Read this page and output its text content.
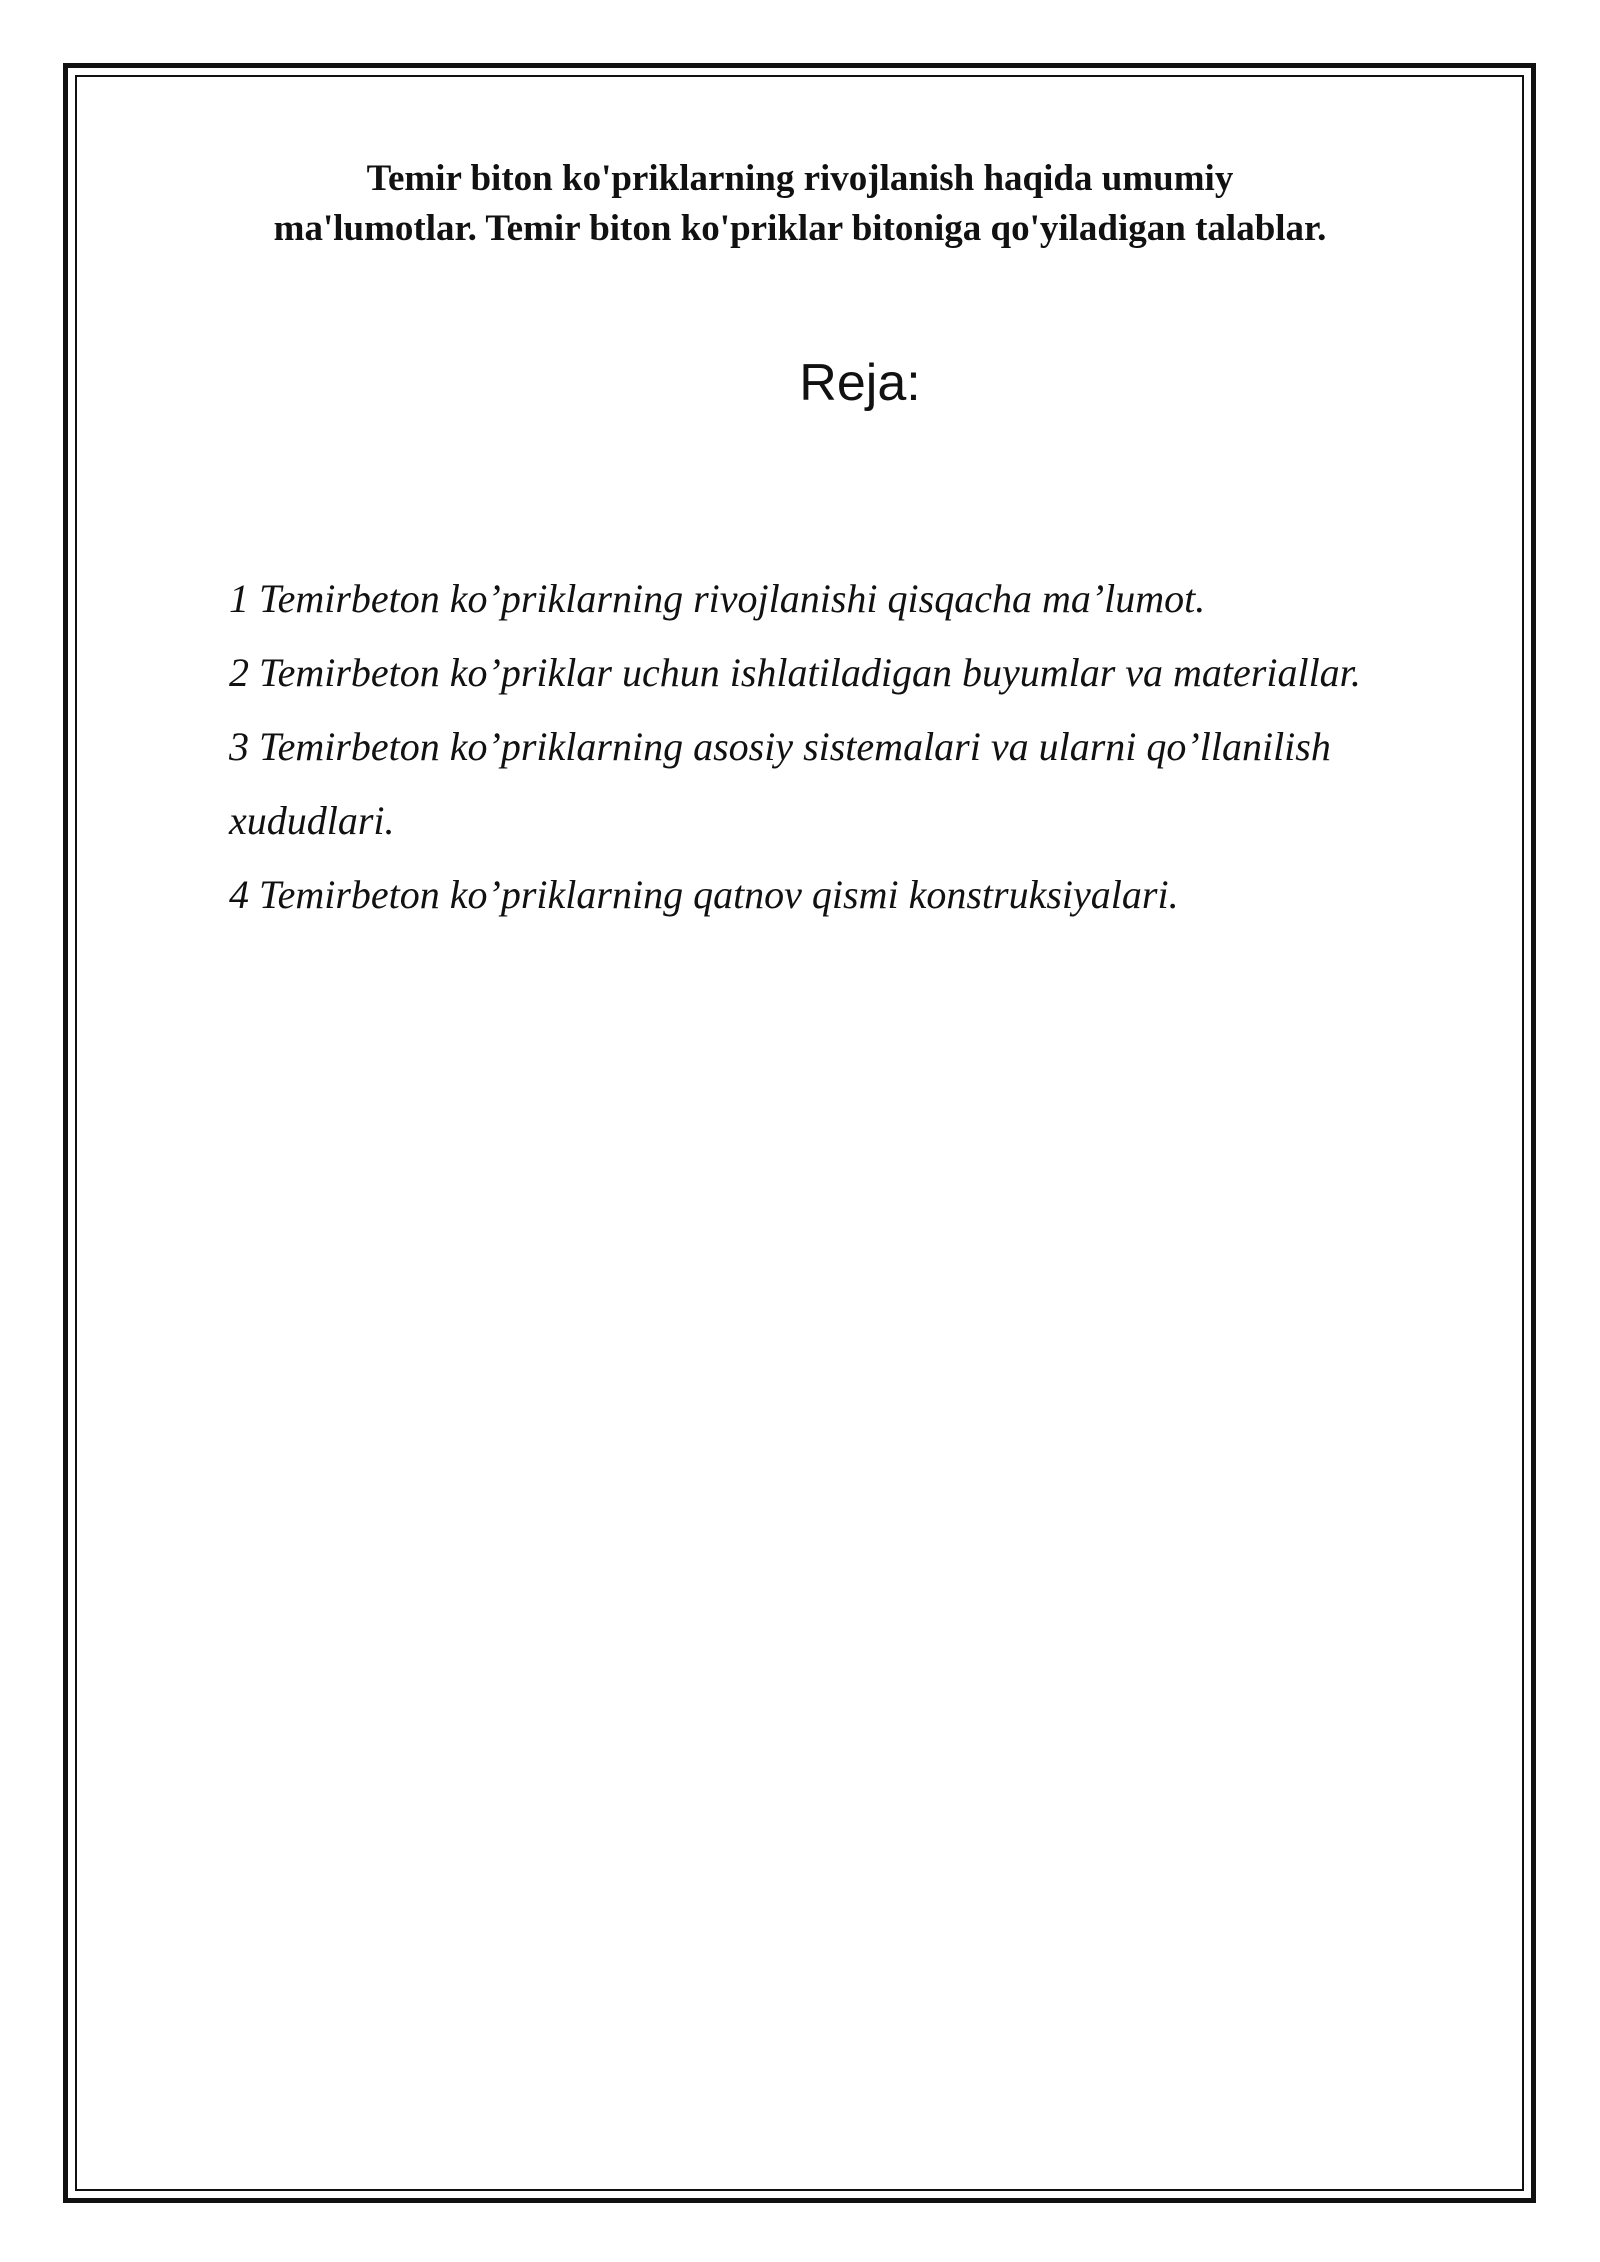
Temir biton ko'priklarning rivojlanish haqida umumiy
ma'lumotlar. Temir biton ko'priklar bitoniga qo'yiladigan talablar.
Reja:
1 Temirbeton ko’priklarning rivojlanishi qisqacha ma’lumot.
2 Temirbeton ko’priklar uchun ishlatiladigan buyumlar va materiallar.
3 Temirbeton ko’priklarning asosiy sistemalari va ularni qo’llanilish
xududlari.
4 Temirbeton ko’priklarning qatnov qismi konstruksiyalari.
